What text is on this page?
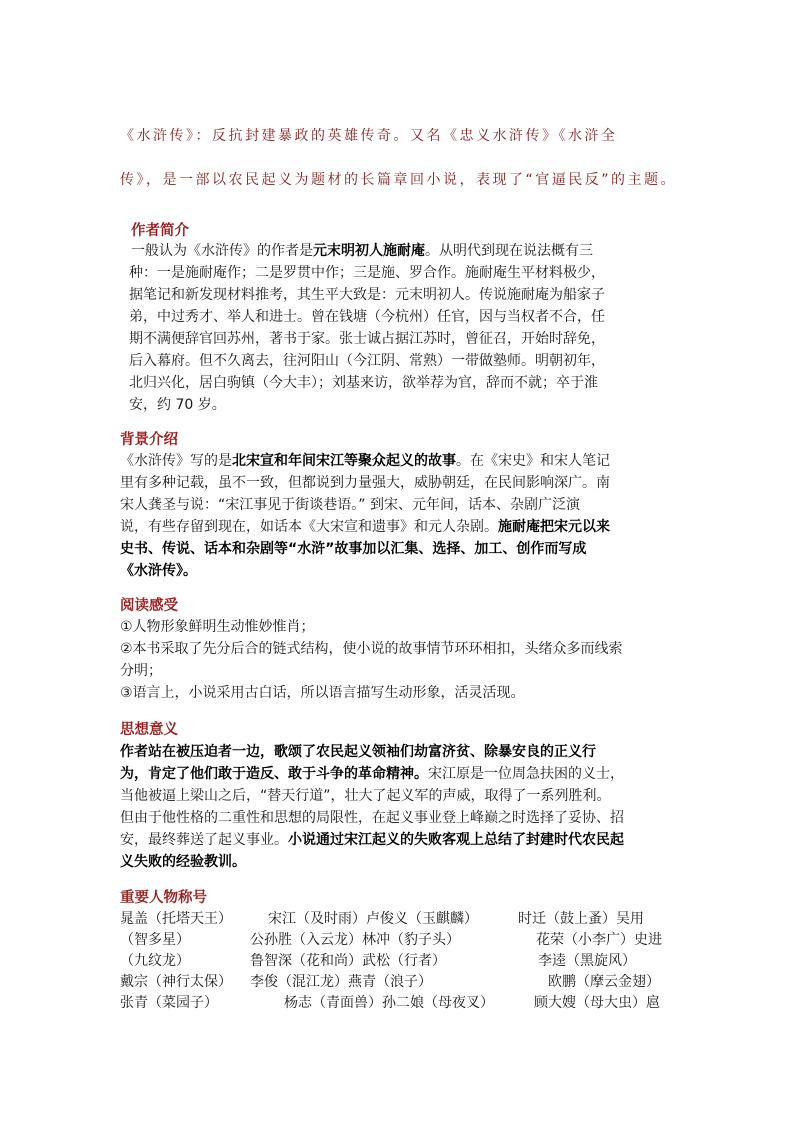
《水浒传》：反抗封建暴政的英雄传奇。又名《忠义水浒传》《水浒全
传》，是一部以农民起义为题材的长篇章回小说，表现了“官逼民反”的主题。
作者简介
一般认为《水浒传》的作者是元末明初人施耐庵。从明代到现在说法概有三
种：一是施耐庵作；二是罗贯中作；三是施、罗合作。施耐庵生平材料极少，
据笔记和新发现材料推考，其生平大致是：元末明初人。传说施耐庵为船家子
弟，中过秀才、举人和进士。曾在钱塘（今杭州）任官，因与当权者不合，任
期不满便辞官回苏州，著书于家。张士诚占据江苏时，曾征召，开始时辞免，
后入幕府。但不久离去，往河阳山（今江阴、常熟）一带做塾师。明朝初年，
北归兴化，居白驹镇（今大丰）；刘基来访，欲举荐为官，辞而不就；卒于淮
安，约 70 岁。
背景介绍
《水浒传》写的是北宋宣和年间宋江等聚众起义的故事。在《宋史》和宋人笔记
里有多种记载，虽不一致，但都说到力量强大，威胁朝廷，在民间影响深广。南
宋人龚圣与说：“宋江事见于街谈巷语。” 到宋、元年间，话本、杂剧广泛演
说，有些存留到现在，如话本《大宋宣和遗事》和元人杂剧。施耐庵把宋元以来
史书、传说、话本和杂剧等“水浒”故事加以汇集、选择、加工、创作而写成
《水浒传》。
阅读感受
①人物形象鲜明生动惟妙惟肖；
②本书采取了先分后合的链式结构，使小说的故事情节环环相扣，头绪众多而线索
分明；
③语言上，小说采用古白话，所以语言描写生动形象，活灵活现。
思想意义
作者站在被压迫者一边，歌颂了农民起义领袖们劫富济贫、除暴安良的正义行
为，肯定了他们敢于造反、敢于斗争的革命精神。宋江原是一位周急扶困的义士，
当他被逼上梁山之后，“替天行道”，壮大了起义军的声威，取得了一系列胜利。
但由于他性格的二重性和思想的局限性，在起义事业登上峰巅之时选择了妥协、招
安，最终葬送了起义事业。小说通过宋江起义的失败客观上总结了封建时代农民起
义失败的经验教训。
重要人物称号
晁盖（托塔天王）	宋江（及时雨）卢俊义（玉麒麟）	时迁（鼓上蚤）吴用
（智多星）	公孙胜（入云龙）林冲（豹子头）	花荣（小李广）史进
（九纹龙）	鲁智深（花和尚）武松（行者）	李逵（黑旋风）
戴宗（神行太保） 李俊（混江龙）燕青（浪子）	欧鹏（摩云金翅）
张青（菜园子）	杨志（青面兽）孙二娘（母夜叉）	顾大嫂（母大虫）扈
